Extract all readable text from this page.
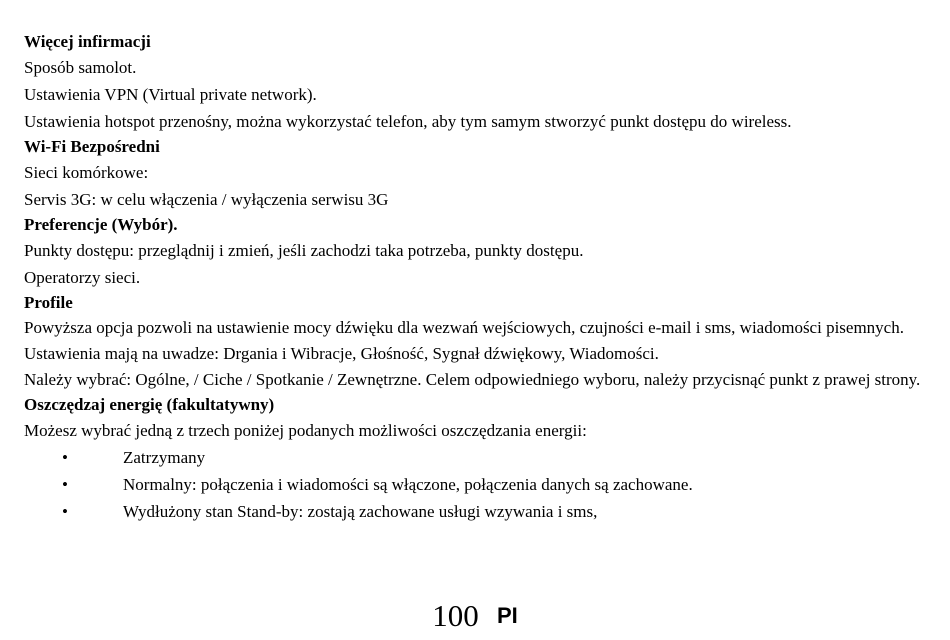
Więcej infirmacji
Sposób samolot.
Ustawienia VPN (Virtual private network).
Ustawienia hotspot przenośny, można wykorzystać telefon, aby tym samym stworzyć punkt dostępu do wireless.
Wi-Fi Bezpośredni
Sieci komórkowe:
Servis 3G: w celu włączenia / wyłączenia serwisu 3G
Preferencje (Wybór).
Punkty dostępu: przeglądnij i zmień, jeśli zachodzi taka potrzeba, punkty dostępu.
Operatorzy sieci.
Profile
Powyższa opcja pozwoli na ustawienie mocy dźwięku dla wezwań wejściowych, czujności e-mail i sms, wiadomości pisemnych. Ustawienia mają na uwadze: Drgania i Wibracje, Głośność, Sygnał dźwiękowy, Wiadomości.
Należy wybrać: Ogólne, / Ciche / Spotkanie / Zewnętrzne. Celem odpowiedniego wyboru, należy przycisnąć punkt z prawej strony.
Oszczędzaj energię (fakultatywny)
Możesz wybrać jedną z trzech poniżej podanych możliwości oszczędzania energii:
•	Zatrzymany
•	Normalny: połączenia i wiadomości są włączone, połączenia danych są zachowane.
•	Wydłużony stan Stand-by: zostają zachowane usługi wzywania i sms,
100 PI
